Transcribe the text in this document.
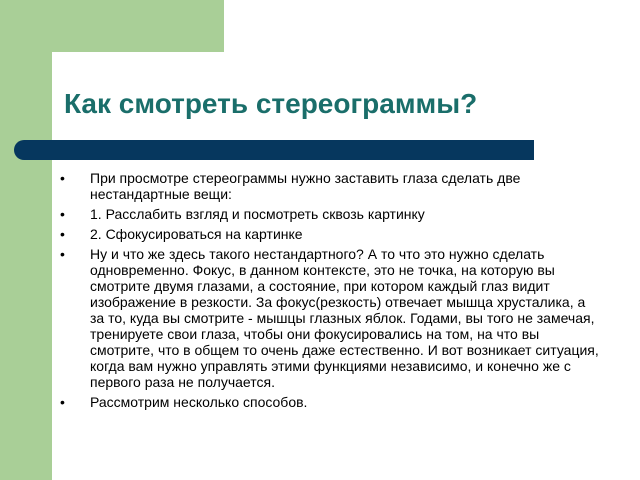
Как смотреть стереограммы?
• При просмотре стереограммы нужно заставить глаза сделать две нестандартные вещи:
• 1. Расслабить взгляд и посмотреть сквозь картинку
• 2. Сфокусироваться на картинке
• Ну и что же здесь такого нестандартного? А то что это нужно сделать одновременно. Фокус, в данном контексте, это не точка, на которую вы смотрите двумя глазами, а состояние, при котором каждый глаз видит изображение в резкости. За фокус(резкость) отвечает мышца хрусталика, а за то, куда вы смотрите - мышцы глазных яблок. Годами, вы того не замечая, тренируете свои глаза, чтобы они фокусировались на том, на что вы смотрите, что в общем то очень даже естественно. И вот возникает ситуация, когда вам нужно управлять этими функциями независимо, и конечно же с первого раза не получается.
• Рассмотрим несколько способов.
